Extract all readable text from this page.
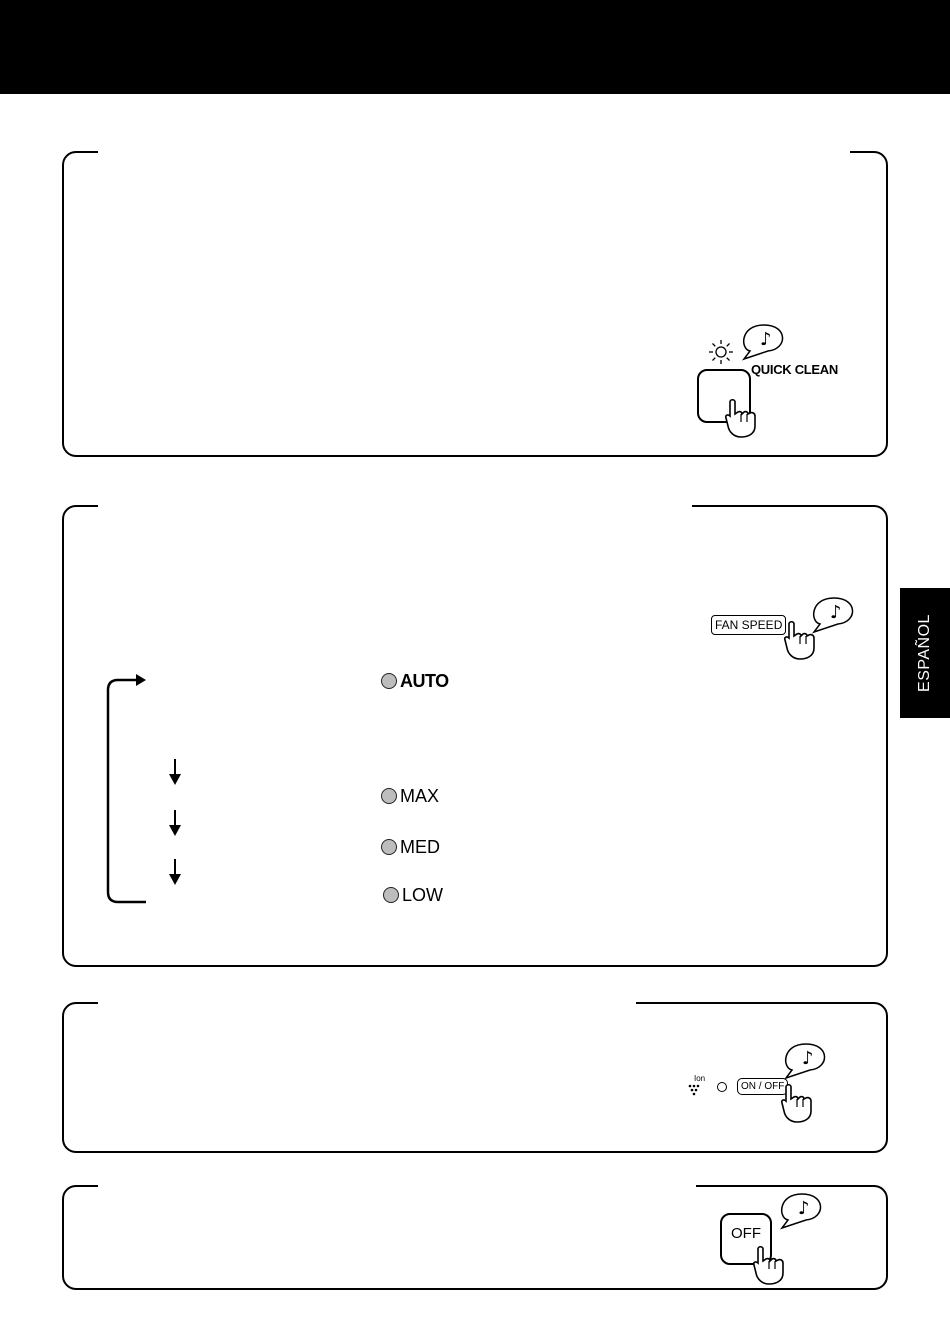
ESPAÑOL
♪
QUICK CLEAN
FAN SPEED
♪
AUTO
MAX
MED
LOW
Ion
ON / OFF
♪
OFF
♪
